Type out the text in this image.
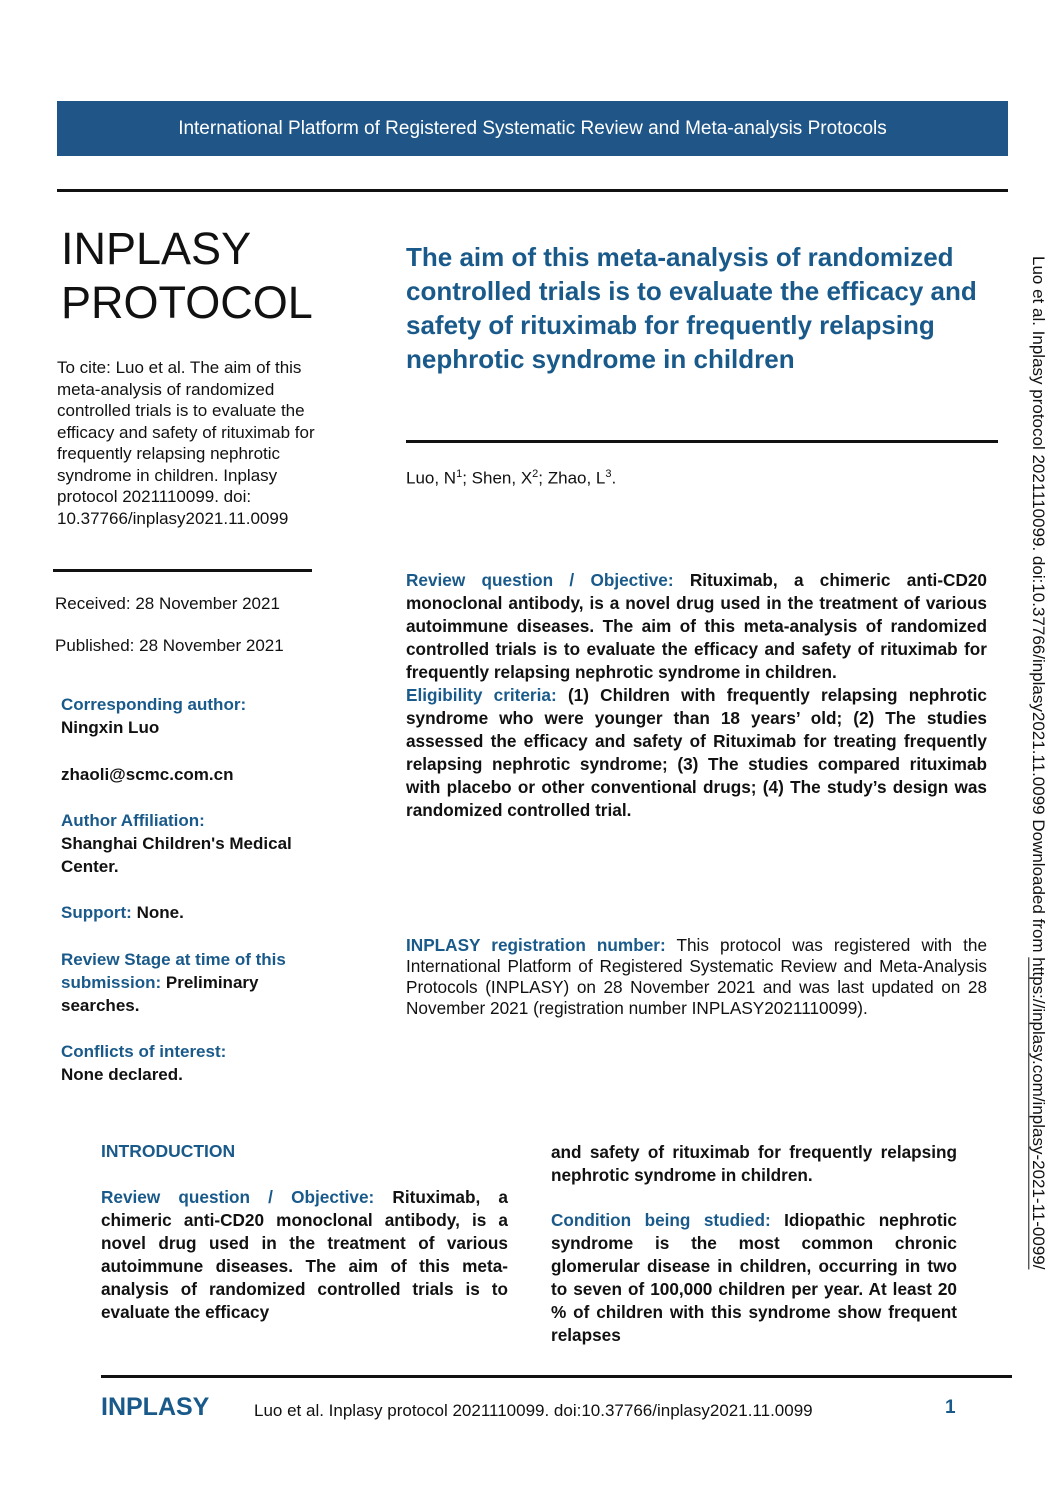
International Platform of Registered Systematic Review and Meta-analysis Protocols
INPLASY
PROTOCOL
To cite: Luo et al. The aim of this meta-analysis of randomized controlled trials is to evaluate the efficacy and safety of rituximab for frequently relapsing nephrotic syndrome in children. Inplasy protocol 2021110099. doi: 10.37766/inplasy2021.11.0099
Received: 28 November 2021
Published: 28 November 2021
Corresponding author:
Ningxin Luo
zhaoli@scmc.com.cn
Author Affiliation:
Shanghai Children's Medical Center.
Support: None.
Review Stage at time of this submission: Preliminary searches.
Conflicts of interest:
None declared.
The aim of this meta-analysis of randomized controlled trials is to evaluate the efficacy and safety of rituximab for frequently relapsing nephrotic syndrome in children
Luo, $N^1$; Shen, $X^2$; Zhao, $L^3$.
Review question / Objective: Rituximab, a chimeric anti-CD20 monoclonal antibody, is a novel drug used in the treatment of various autoimmune diseases. The aim of this meta-analysis of randomized controlled trials is to evaluate the efficacy and safety of rituximab for frequently relapsing nephrotic syndrome in children.
Eligibility criteria: (1) Children with frequently relapsing nephrotic syndrome who were younger than 18 years’ old; (2) The studies assessed the efficacy and safety of Rituximab for treating frequently relapsing nephrotic syndrome; (3) The studies compared rituximab with placebo or other conventional drugs; (4) The study’s design was randomized controlled trial.
INPLASY registration number: This protocol was registered with the International Platform of Registered Systematic Review and Meta-Analysis Protocols (INPLASY) on 28 November 2021 and was last updated on 28 November 2021 (registration number INPLASY2021110099).
INTRODUCTION
Review question / Objective: Rituximab, a chimeric anti-CD20 monoclonal antibody, is a novel drug used in the treatment of various autoimmune diseases. The aim of this meta-analysis of randomized controlled trials is to evaluate the efficacy
and safety of rituximab for frequently relapsing nephrotic syndrome in children.
Condition being studied: Idiopathic nephrotic syndrome is the most common chronic glomerular disease in children, occurring in two to seven of 100,000 children per year. At least 20 % of children with this syndrome show frequent relapses
Luo et al. Inplasy protocol 2021110099. doi:10.37766/inplasy2021.11.0099 Downloaded from https://inplasy.com/inplasy-2021-11-0099/
INPLASY	Luo et al. Inplasy protocol 2021110099. doi:10.37766/inplasy2021.11.0099	1
